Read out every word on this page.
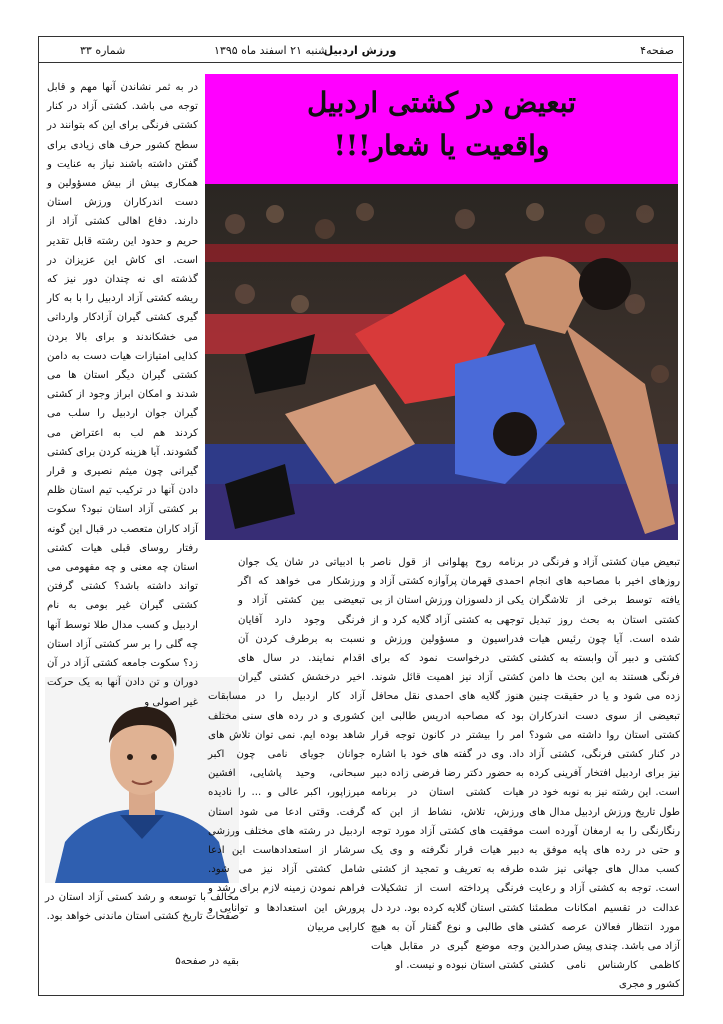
صفحه۴
ورزش اردبیل
شنبه ۲۱ اسفند ماه ۱۳۹۵
شماره ۳۳
تبعیض در کشتی اردبیل
واقعیت یا شعار!!!

در به ثمر نشاندن آنها مهم و قابل توجه می باشد. کشتی آزاد در کنار کشتی فرنگی برای این که بتوانند در سطح کشور حرف های زیادی برای گفتن داشته باشند نیاز به عنایت و همکاری بیش از بیش مسؤولین و دست اندرکاران ورزش استان دارند. دفاع اهالی کشتی آزاد از حریم و حدود این رشته قابل تقدیر است. ای کاش این عزیزان در گذشته ای نه چندان دور نیز که ریشه کشتی آزاد اردبیل را با به کار گیری کشتی گیران آزادکار وارداتی می خشکاندند و برای بالا بردن کذایی امتیازات هیات دست به دامن کشتی گیران دیگر استان ها می شدند و امکان ابراز وجود از کشتی گیران جوان اردبیل را سلب می کردند هم لب به اعتراض می گشودند. آیا هزینه کردن برای کشتی گیرانی چون میثم نصیری و قرار دادن آنها در ترکیب تیم استان ظلم بر کشتی آزاد استان نبود؟ سکوت آزاد کاران متعصب در قبال این گونه رفتار روسای قبلی هیات کشتی استان چه معنی و چه مفهومی می تواند داشته باشد؟ کشتی گرفتن کشتی گیران غیر بومی به نام اردبیل و کسب مدال طلا توسط آنها چه گلی را بر سر کشتی آزاد استان زد؟ سکوت جامعه کشتی آزاد در آن دوران و تن دادن آنها به یک حرکت غیر اصولی و

مخالف با توسعه و رشد کستی آزاد استان در صفحات تاریخ کشتی استان ماندنی خواهد بود.

بقیه در صفحه۵

با ادبیاتی در شان یک جوان ورزشکار می خواهد که اگر تبعیضی بین کشتی آزاد و فرنگی وجود دارد آقایان نسبت به برطرف کردن آن اقدام نمایند. در سال های اخیر درخشش کشتی گیران آزاد کار اردبیل را در مسابقات کشوری و در رده های سنی مختلف شاهد بوده ایم. نمی توان تلاش های جوانان جویای نامی چون اکبر سبحانی، وحید پاشایی، افشین میرزاپور، اکبر عالی و ... را نادیده گرفت. وقتی ادعا می شود استان اردبیل در رشته های مختلف ورزشی سرشار از استعدادهاست این ادعا شامل کشتی آزاد نیز می شود. فراهم نمودن زمینه لازم برای رشد و پرورش این استعدادها و توانایی و کارایی مربیان

برنامه روح پهلوانی از قول ناصر احمدی قهرمان پرآوازه کشتی آزاد و یکی از دلسوزان ورزش استان از بی توجهی به کشتی آزاد گلایه کرد و از فدراسیون و مسؤولین ورزش و کشتی درخواست نمود که برای کشتی آزاد نیز اهمیت قائل شوند. هنوز گلایه های احمدی نقل محافل بود که مصاحبه ادریس طالبی این امر را بیشتر در کانون توجه قرار داد. وی در گفته های خود با اشاره به حضور دکتر رضا فرضی زاده دبیر هیات کشتی استان در برنامه ورزش، تلاش، نشاط از این که موفقیت های کشتی آزاد مورد توجه دبیر هیات قرار نگرفته و وی یک طرفه به تعریف و تمجید از کشتی فرنگی پرداخته است از تشکیلات کشتی استان گلایه کرده بود. درد دل های طالبی و نوع گفتار آن به هیچ وجه موضع گیری در مقابل هیات کشتی استان نبوده و نیست. او

تبعیض میان کشتی آزاد و فرنگی در روزهای اخیر با مصاحبه های انجام یافته توسط برخی از تلاشگران کشتی استان به بحث روز تبدیل شده است. آیا چون رئیس هیات کشتی و دبیر آن وابسته به کشتی فرنگی هستند به این بحث ها دامن زده می شود و یا در حقیقت چنین تبعیضی از سوی دست اندرکاران کشتی استان روا داشته می شود؟ در کنار کشتی فرنگی، کشتی آزاد نیز برای اردبیل افتخار آفرینی کرده است. این رشته نیز به نوبه خود در طول تاریخ ورزش اردبیل مدال های رنگارنگی را به ارمغان آورده است و حتی در رده های پایه موفق به کسب مدال های جهانی نیز شده است. توجه به کشتی آزاد و رعایت عدالت در تقسیم امکانات مطمئنا مورد انتظار فعالان عرصه کشتی آزاد می باشد. چندی پیش صدرالدین کاظمی کارشناس نامی کشتی کشور و مجری
